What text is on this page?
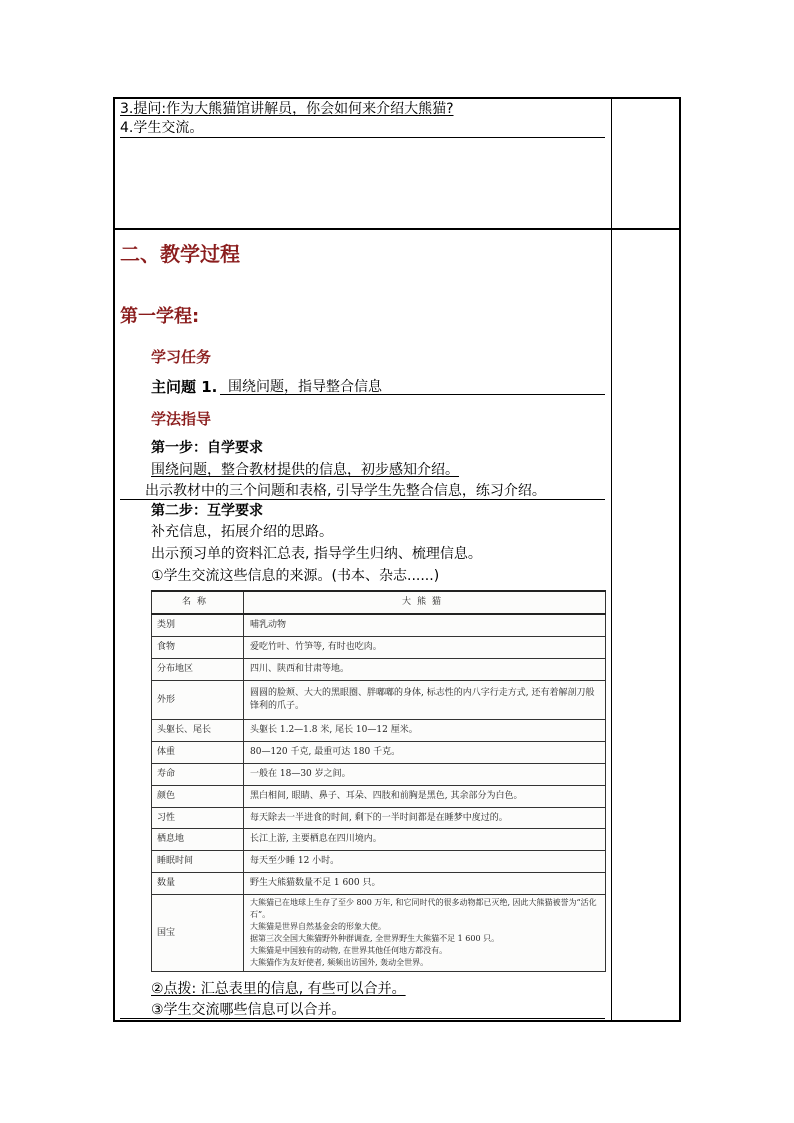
3.提问:作为大熊猫馆讲解员，你会如何来介绍大熊猫?
4.学生交流。
二、教学过程
第一学程:
学习任务
主问题 1. 围绕问题，指导整合信息
学法指导
第一步：自学要求
围绕问题，整合教材提供的信息，初步感知介绍。
出示教材中的三个问题和表格, 引导学生先整合信息，练习介绍。
第二步：互学要求
补充信息，拓展介绍的思路。
出示预习单的资料汇总表, 指导学生归纳、梳理信息。
①学生交流这些信息的来源。(书本、杂志......)
名称	大熊猫
类别	哺乳动物
食物	爱吃竹叶、竹笋等, 有时也吃肉。
分布地区	四川、陕西和甘肃等地。
外形	圆圆的脸颊、大大的黑眼圈、胖嘟嘟的身体, 标志性的内八字行走方式, 还有着解剖刀般锋利的爪子。
头躯长、尾长	头躯长 1.2—1.8 米, 尾长 10—12 厘米。
体重	80—120 千克, 最重可达 180 千克。
寿命	一般在 18—30 岁之间。
颜色	黑白相间, 眼睛、鼻子、耳朵、四肢和前胸是黑色, 其余部分为白色。
习性	每天除去一半进食的时间, 剩下的一半时间都是在睡梦中度过的。
栖息地	长江上游, 主要栖息在四川境内。
睡眠时间	每天至少睡 12 小时。
数量	野生大熊猫数量不足 1 600 只。
国宝	大熊猫已在地球上生存了至少 800 万年, 和它同时代的很多动物都已灭绝, 因此大熊猫被誉为“活化石”。
大熊猫是世界自然基金会的形象大使。
据第三次全国大熊猫野外种群调查, 全世界野生大熊猫不足 1 600 只。
大熊猫是中国独有的动物, 在世界其他任何地方都没有。
大熊猫作为友好使者, 频频出访国外, 轰动全世界。
②点拨: 汇总表里的信息, 有些可以合并。
③学生交流哪些信息可以合并。
